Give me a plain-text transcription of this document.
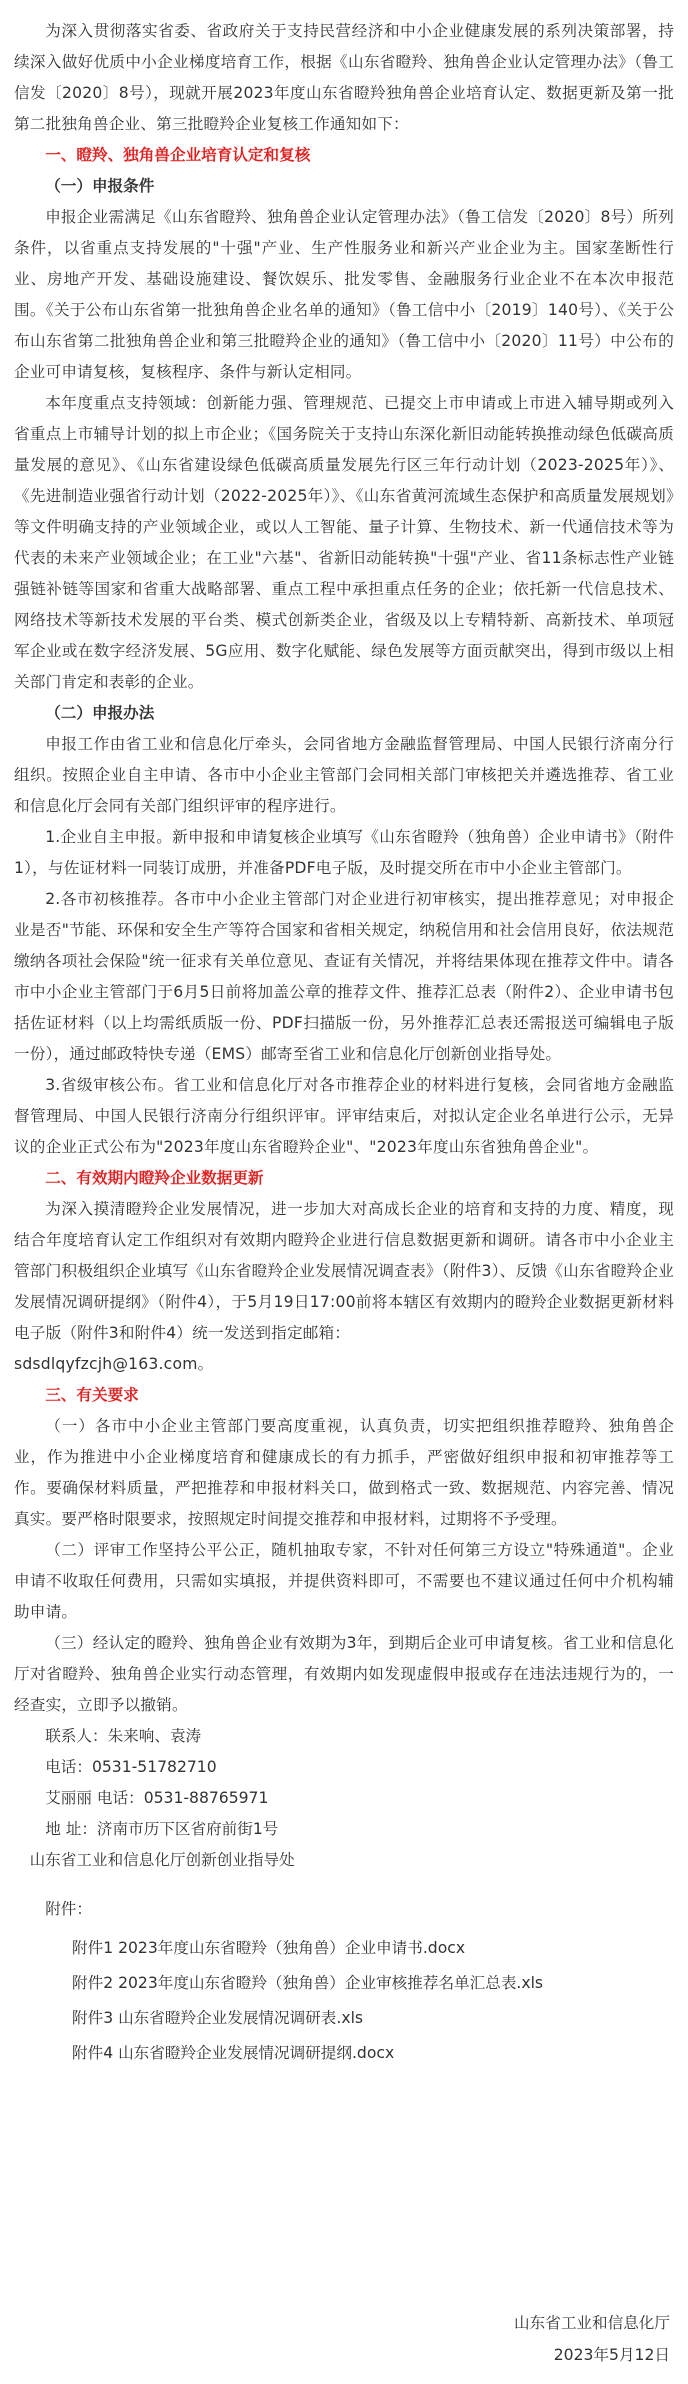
为深入贯彻落实省委、省政府关于支持民营经济和中小企业健康发展的系列决策部署，持续深入做好优质中小企业梯度培育工作，根据《山东省瞪羚、独角兽企业认定管理办法》（鲁工信发〔2020〕8号），现就开展2023年度山东省瞪羚独角兽企业培育认定、数据更新及第一批第二批独角兽企业、第三批瞪羚企业复核工作通知如下：

一、瞪羚、独角兽企业培育认定和复核

（一）申报条件

申报企业需满足《山东省瞪羚、独角兽企业认定管理办法》（鲁工信发〔2020〕8号）所列条件，以省重点支持发展的"十强"产业、生产性服务业和新兴产业企业为主。国家垄断性行业、房地产开发、基础设施建设、餐饮娱乐、批发零售、金融服务行业企业不在本次申报范围。《关于公布山东省第一批独角兽企业名单的通知》（鲁工信中小〔2019〕140号）、《关于公布山东省第二批独角兽企业和第三批瞪羚企业的通知》（鲁工信中小〔2020〕11号）中公布的企业可申请复核，复核程序、条件与新认定相同。

本年度重点支持领域：创新能力强、管理规范、已提交上市申请或上市进入辅导期或列入省重点上市辅导计划的拟上市企业；《国务院关于支持山东深化新旧动能转换推动绿色低碳高质量发展的意见》、《山东省建设绿色低碳高质量发展先行区三年行动计划（2023-2025年）》、《先进制造业强省行动计划（2022-2025年）》、《山东省黄河流域生态保护和高质量发展规划》等文件明确支持的产业领域企业，或以人工智能、量子计算、生物技术、新一代通信技术等为代表的未来产业领域企业；在工业"六基"、省新旧动能转换"十强"产业、省11条标志性产业链强链补链等国家和省重大战略部署、重点工程中承担重点任务的企业；依托新一代信息技术、网络技术等新技术发展的平台类、模式创新类企业，省级及以上专精特新、高新技术、单项冠军企业或在数字经济发展、5G应用、数字化赋能、绿色发展等方面贡献突出，得到市级以上相关部门肯定和表彰的企业。

（二）申报办法

申报工作由省工业和信息化厅牵头，会同省地方金融监督管理局、中国人民银行济南分行组织。按照企业自主申请、各市中小企业主管部门会同相关部门审核把关并遴选推荐、省工业和信息化厅会同有关部门组织评审的程序进行。

1.企业自主申报。新申报和申请复核企业填写《山东省瞪羚（独角兽）企业申请书》（附件1），与佐证材料一同装订成册，并准备PDF电子版，及时提交所在市中小企业主管部门。

2.各市初核推荐。各市中小企业主管部门对企业进行初审核实，提出推荐意见；对申报企业是否"节能、环保和安全生产等符合国家和省相关规定，纳税信用和社会信用良好，依法规范缴纳各项社会保险"统一征求有关单位意见、查证有关情况，并将结果体现在推荐文件中。请各市中小企业主管部门于6月5日前将加盖公章的推荐文件、推荐汇总表（附件2）、企业申请书包括佐证材料（以上均需纸质版一份、PDF扫描版一份，另外推荐汇总表还需报送可编辑电子版一份），通过邮政特快专递（EMS）邮寄至省工业和信息化厅创新创业指导处。

3.省级审核公布。省工业和信息化厅对各市推荐企业的材料进行复核，会同省地方金融监督管理局、中国人民银行济南分行组织评审。评审结束后，对拟认定企业名单进行公示，无异议的企业正式公布为"2023年度山东省瞪羚企业"、"2023年度山东省独角兽企业"。

二、有效期内瞪羚企业数据更新

为深入摸清瞪羚企业发展情况，进一步加大对高成长企业的培育和支持的力度、精度，现结合年度培育认定工作组织对有效期内瞪羚企业进行信息数据更新和调研。请各市中小企业主管部门积极组织企业填写《山东省瞪羚企业发展情况调查表》（附件3）、反馈《山东省瞪羚企业发展情况调研提纲》（附件4），于5月19日17:00前将本辖区有效期内的瞪羚企业数据更新材料电子版（附件3和附件4）统一发送到指定邮箱：

sdsdlqyfzcjh@163.com。

三、有关要求

（一）各市中小企业主管部门要高度重视，认真负责，切实把组织推荐瞪羚、独角兽企业，作为推进中小企业梯度培育和健康成长的有力抓手，严密做好组织申报和初审推荐等工作。要确保材料质量，严把推荐和申报材料关口，做到格式一致、数据规范、内容完善、情况真实。要严格时限要求，按照规定时间提交推荐和申报材料，过期将不予受理。

（二）评审工作坚持公平公正，随机抽取专家，不针对任何第三方设立"特殊通道"。企业申请不收取任何费用，只需如实填报，并提供资料即可，不需要也不建议通过任何中介机构辅助申请。

（三）经认定的瞪羚、独角兽企业有效期为3年，到期后企业可申请复核。省工业和信息化厅对省瞪羚、独角兽企业实行动态管理，有效期内如发现虚假申报或存在违法违规行为的，一经查实，立即予以撤销。

联系人：朱来响、袁涛

电话：0531-51782710

艾丽丽 电话：0531-88765971

地 址：济南市历下区省府前街1号

山东省工业和信息化厅创新创业指导处

附件：

附件1 2023年度山东省瞪羚（独角兽）企业申请书.docx
附件2 2023年度山东省瞪羚（独角兽）企业审核推荐名单汇总表.xls
附件3 山东省瞪羚企业发展情况调研表.xls
附件4 山东省瞪羚企业发展情况调研提纲.docx
山东省工业和信息化厅
2023年5月12日
